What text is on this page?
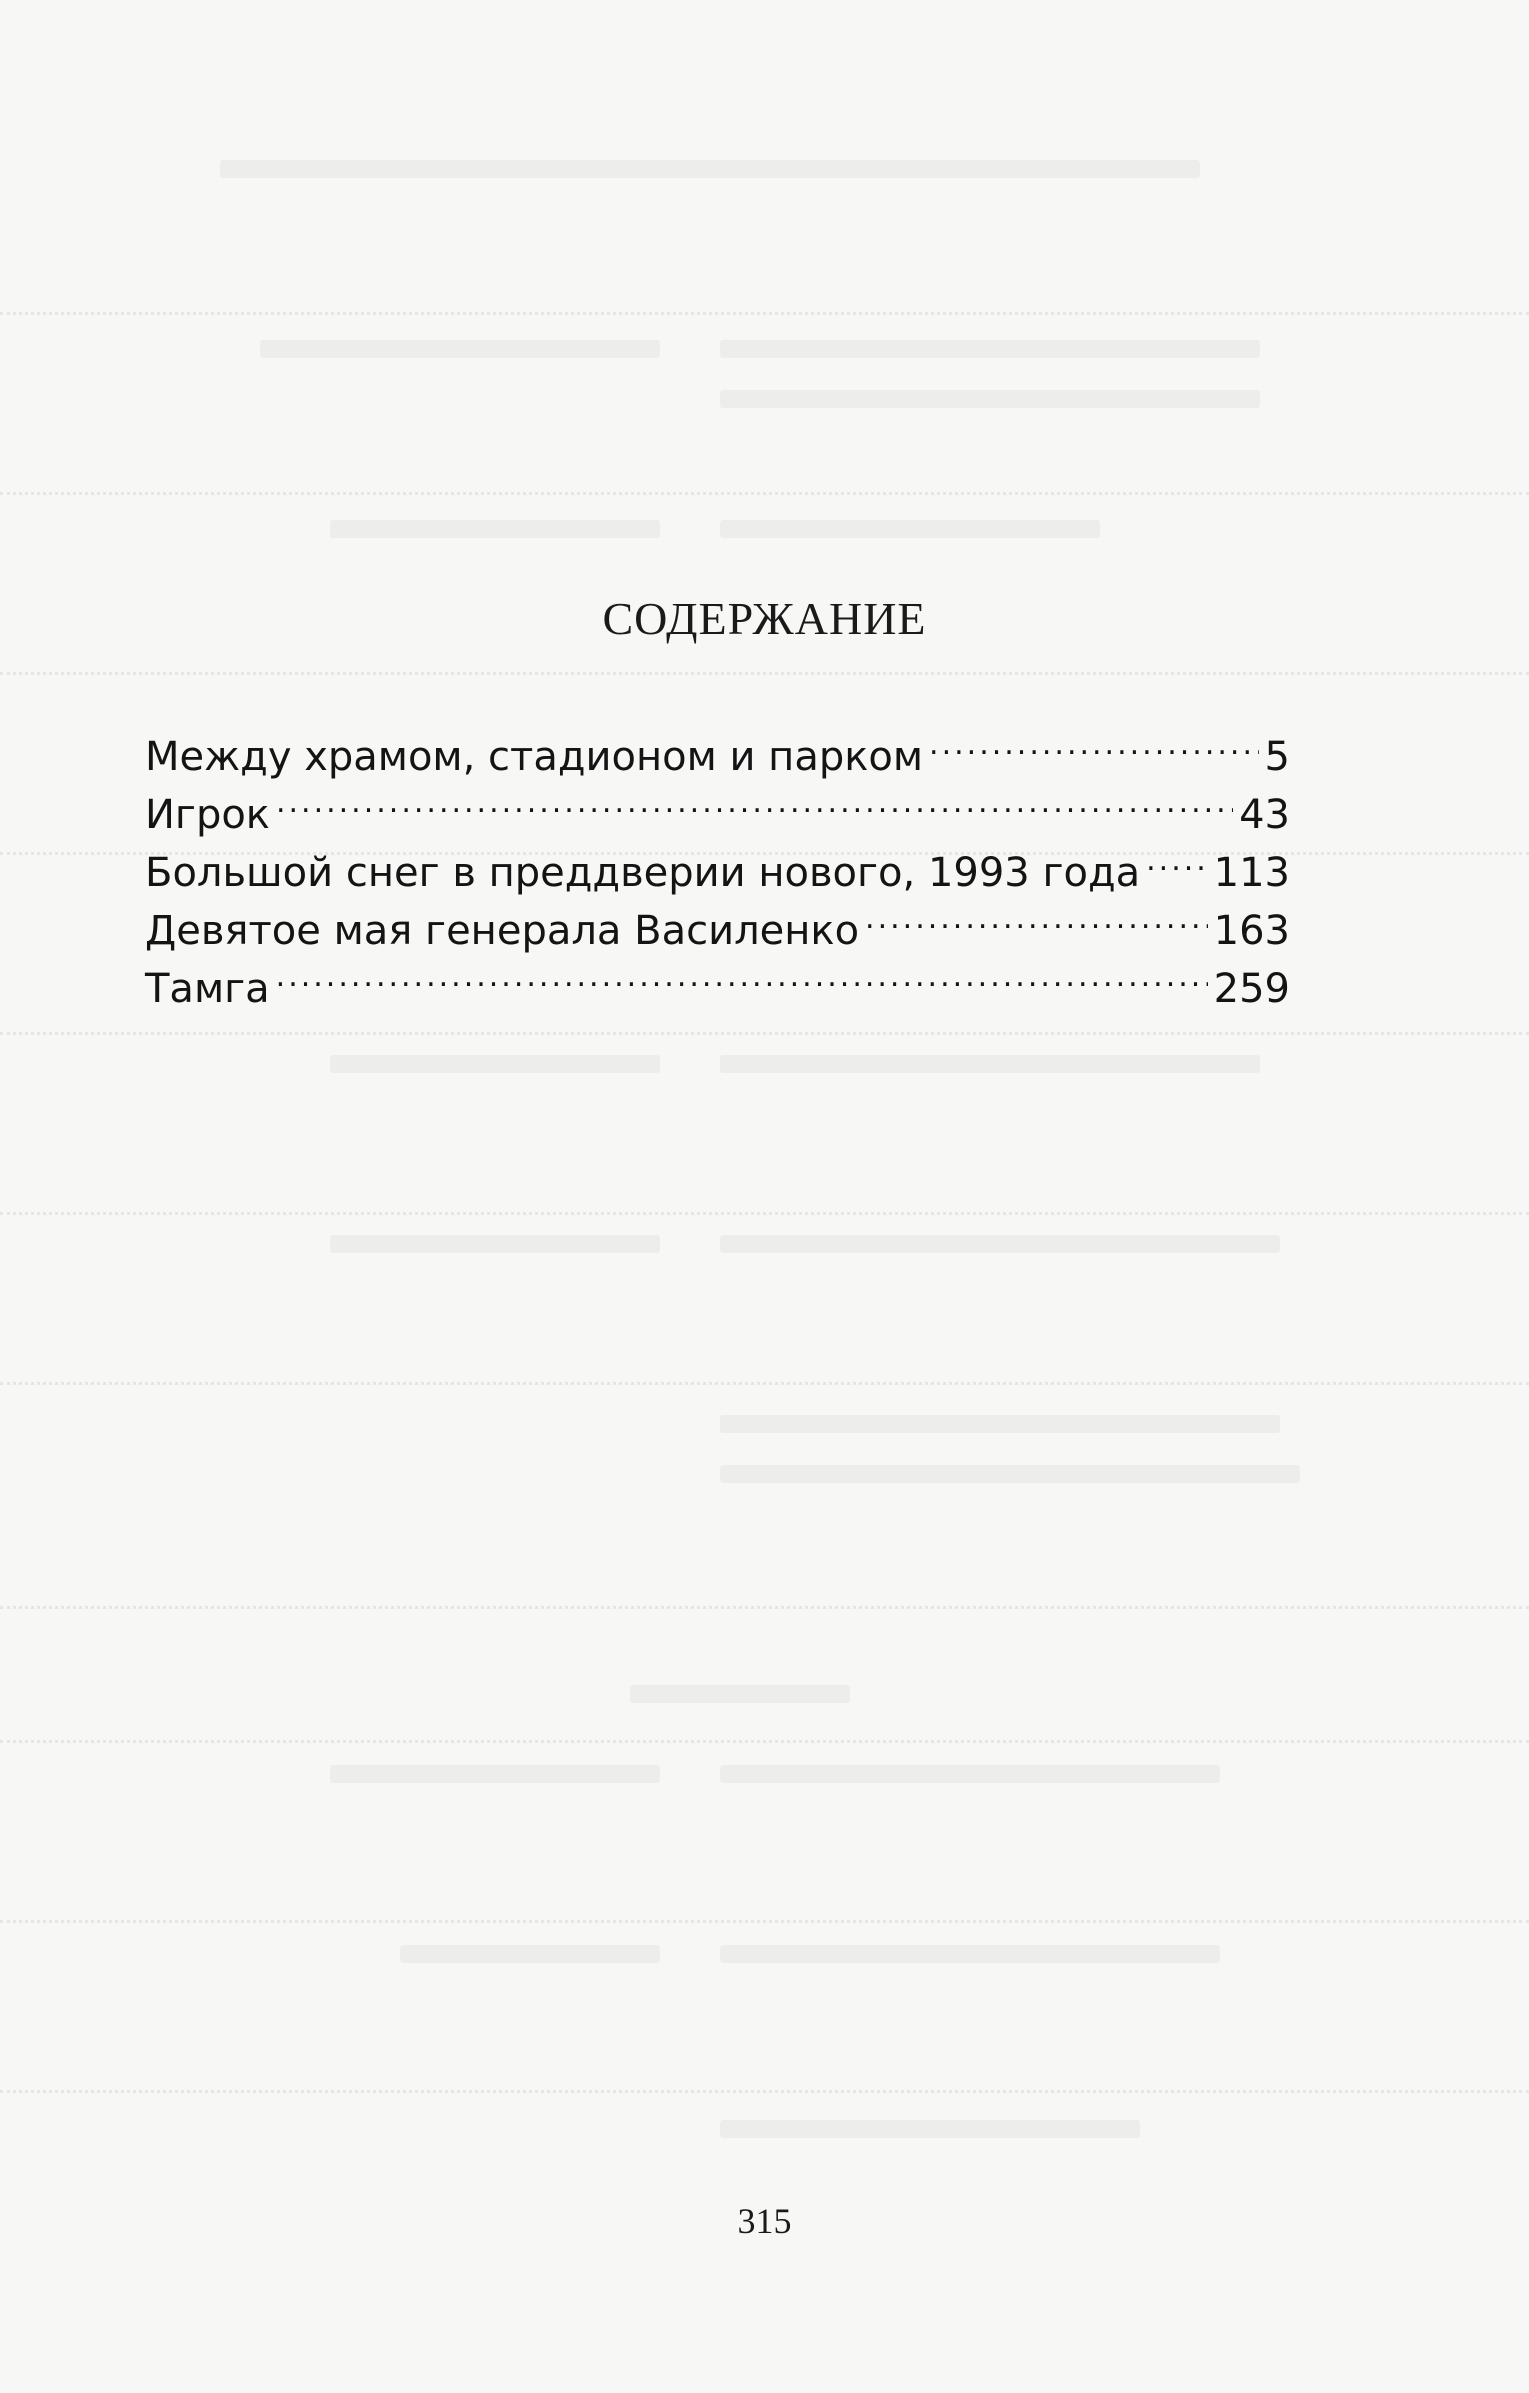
СОДЕРЖАНИЕ
Между храмом, стадионом и парком .....	5
Игрок .....	43
Большой снег в преддверии нового, 1993 года ..... 113
Девятое мая генерала Василенко .....	163
Тамга .....	259
315
